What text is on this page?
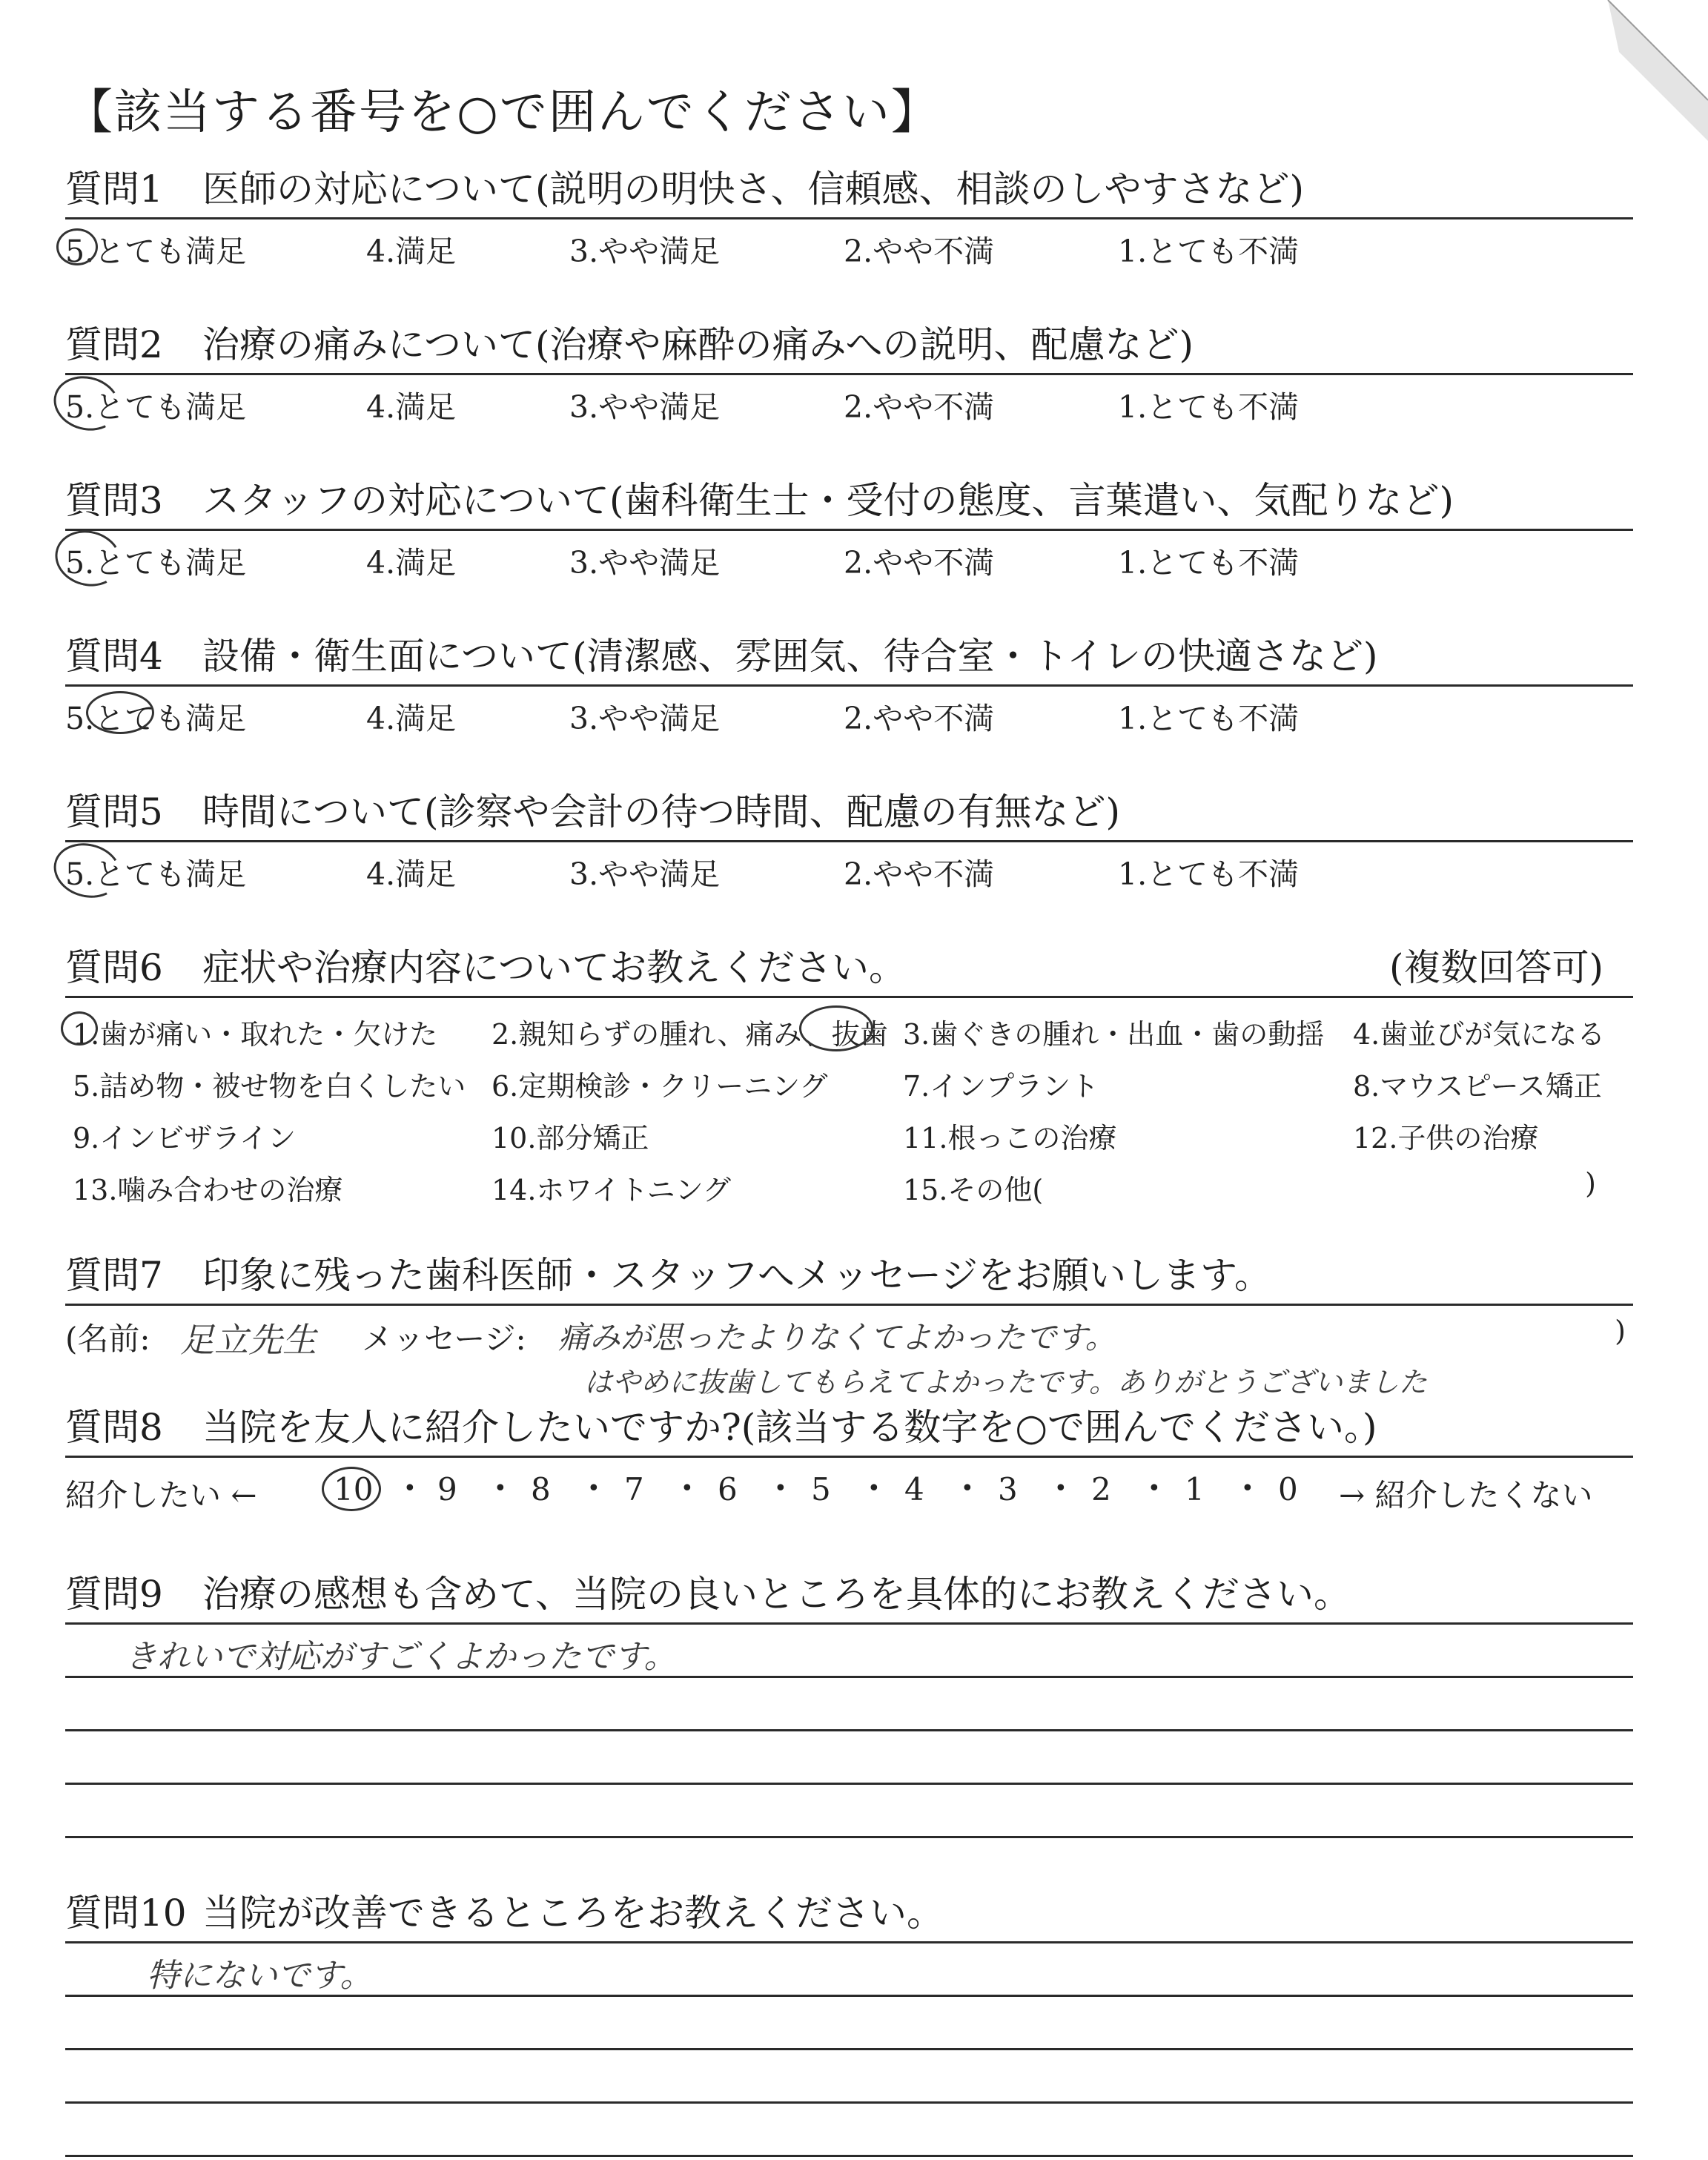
【該当する番号を○で囲んでください】
質問1 医師の対応について(説明の明快さ、信頼感、相談のしやすさなど)
5.とても満足	4.満足	3.やや満足	2.やや不満	1.とても不満
質問2 治療の痛みについて(治療や麻酔の痛みへの説明、配慮など)
5.とても満足	4.満足	3.やや満足	2.やや不満	1.とても不満
質問3 スタッフの対応について(歯科衛生士・受付の態度、言葉遣い、気配りなど)
5.とても満足	4.満足	3.やや満足	2.やや不満	1.とても不満
質問4 設備・衛生面について(清潔感、雰囲気、待合室・トイレの快適さなど)
5.とても満足	4.満足	3.やや満足	2.やや不満	1.とても不満
質問5 時間について(診察や会計の待つ時間、配慮の有無など)
5.とても満足	4.満足	3.やや満足	2.やや不満	1.とても不満
質問6 症状や治療内容についてお教えください。	(複数回答可)
1.歯が痛い・取れた・欠けた 2.親知らずの腫れ、痛み、抜歯 3.歯ぐきの腫れ・出血・歯の動揺 4.歯並びが気になる
5.詰め物・被せ物を白くしたい 6.定期検診・クリーニング	7.インプラント	8.マウスピース矯正
9.インビザライン	10.部分矯正	11.根っこの治療	12.子供の治療
13.噛み合わせの治療	14.ホワイトニング	15.その他(	)
質問7 印象に残った歯科医師・スタッフへメッセージをお願いします。
(名前: 足立先生 メッセージ: 痛みが思ったよりなくてよかったです。
はやめに抜歯してもらえてよかったです。ありがとうございました
)
質問8 当院を友人に紹介したいですか?(該当する数字を○で囲んでください。)
紹介したい ← 10 • 9 • 8 • 7 • 6 • 5 • 4 • 3 • 2 • 1 • 0 → 紹介したくない
質問9 治療の感想も含めて、当院の良いところを具体的にお教えください。
きれいで対応がすごくよかったです。
質問10 当院が改善できるところをお教えください。
特にないです。
